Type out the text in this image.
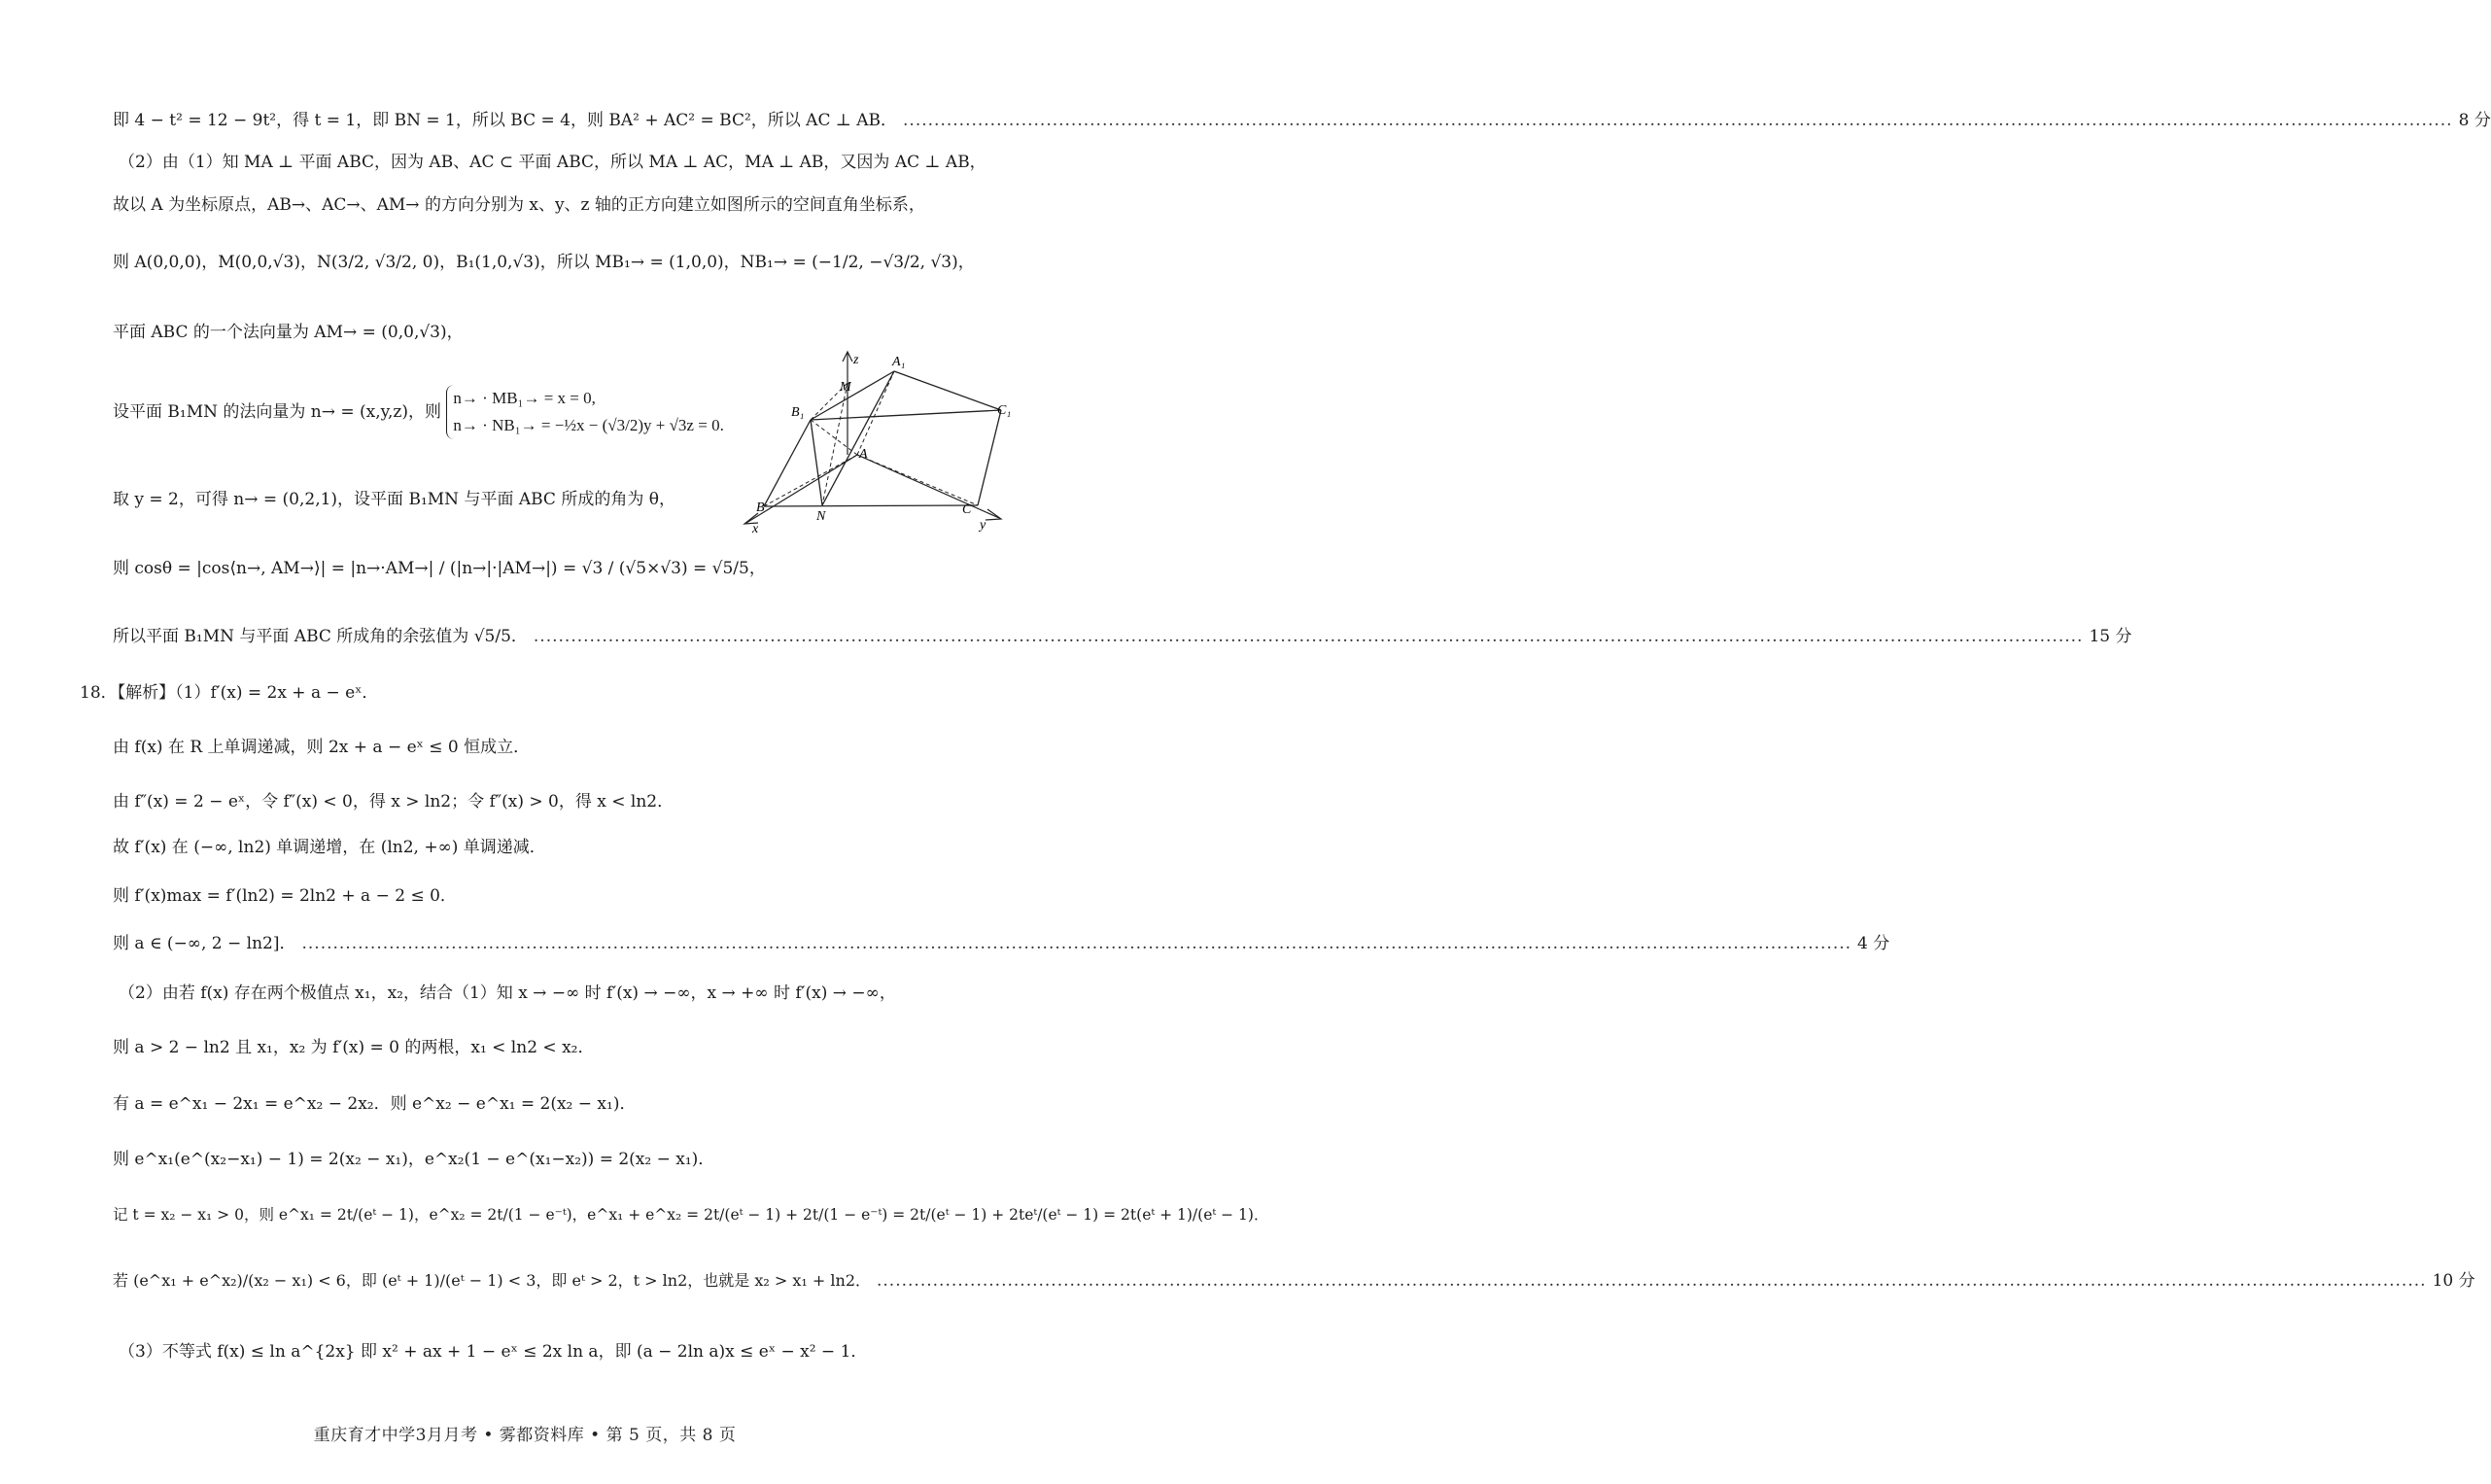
即 4 − t² = 12 − 9t²，得 t = 1，即 BN = 1，所以 BC = 4，则 BA² + AC² = BC²，所以 AC ⊥ AB． .....	8 分
（2）由（1）知 MA ⊥ 平面 ABC，因为 AB、AC ⊂ 平面 ABC，所以 MA ⊥ AC，MA ⊥ AB，又因为 AC ⊥ AB，
故以 A 为坐标原点，AB→、AC→、AM→ 的方向分别为 x、y、z 轴的正方向建立如图所示的空间直角坐标系，
则 A(0,0,0)，M(0,0,√3)，N(3/2, √3/2, 0)，B₁(1,0,√3)，所以 MB₁→ = (1,0,0)，NB₁→ = (−1/2, −√3/2, √3)，
平面 ABC 的一个法向量为 AM→ = (0,0,√3)，
设平面 B₁MN 的法向量为 n→ = (x,y,z)，则
n→ · MB₁→ = x = 0,
n→ · NB₁→ = −½x − (√3/2)y + √3z = 0.
取 y = 2，可得 n→ = (0,2,1)，设平面 B₁MN 与平面 ABC 所成的角为 θ，
则 cosθ = |cos⟨n→, AM→⟩| = |n→·AM→| / (|n→|·|AM→|) = √3 / (√5×√3) = √5/5，
所以平面 B₁MN 与平面 ABC 所成角的余弦值为 √5/5． .....	15 分
18．【解析】（1）f′(x) = 2x + a − eˣ．
由 f(x) 在 R 上单调递减，则 2x + a − eˣ ≤ 0 恒成立．
由 f″(x) = 2 − eˣ，令 f″(x) < 0，得 x > ln2；令 f″(x) > 0，得 x < ln2．
故 f′(x) 在 (−∞, ln2) 单调递增，在 (ln2, +∞) 单调递减．
则 f′(x)max = f′(ln2) = 2ln2 + a − 2 ≤ 0．
则 a ∈ (−∞, 2 − ln2]． .....	4 分
（2）由若 f(x) 存在两个极值点 x₁，x₂，结合（1）知 x → −∞ 时 f′(x) → −∞，x → +∞ 时 f′(x) → −∞，
则 a > 2 − ln2 且 x₁，x₂ 为 f′(x) = 0 的两根，x₁ < ln2 < x₂．
有 a = e^x₁ − 2x₁ = e^x₂ − 2x₂．则 e^x₂ − e^x₁ = 2(x₂ − x₁)．
则 e^x₁(e^(x₂−x₁) − 1) = 2(x₂ − x₁)，e^x₂(1 − e^(x₁−x₂)) = 2(x₂ − x₁)．
记 t = x₂ − x₁ > 0，则 e^x₁ = 2t/(eᵗ − 1)，e^x₂ = 2t/(1 − e⁻ᵗ)，e^x₁ + e^x₂ = 2t/(eᵗ − 1) + 2t/(1 − e⁻ᵗ) = 2t/(eᵗ − 1) + 2teᵗ/(eᵗ − 1) = 2t(eᵗ + 1)/(eᵗ − 1)．
若 (e^x₁ + e^x₂)/(x₂ − x₁) < 6，即 (eᵗ + 1)/(eᵗ − 1) < 3，即 eᵗ > 2，t > ln2，也就是 x₂ > x₁ + ln2． .....	10 分
（3）不等式 f(x) ≤ ln a^{2x} 即 x² + ax + 1 − eˣ ≤ 2x ln a，即 (a − 2ln a)x ≤ eˣ − x² − 1．
z A₁
M
B₁	C₁
A
B
N	C
x	y
重庆育才中学3月月考 • 雾都资料库 • 第 5 页，共 8 页
